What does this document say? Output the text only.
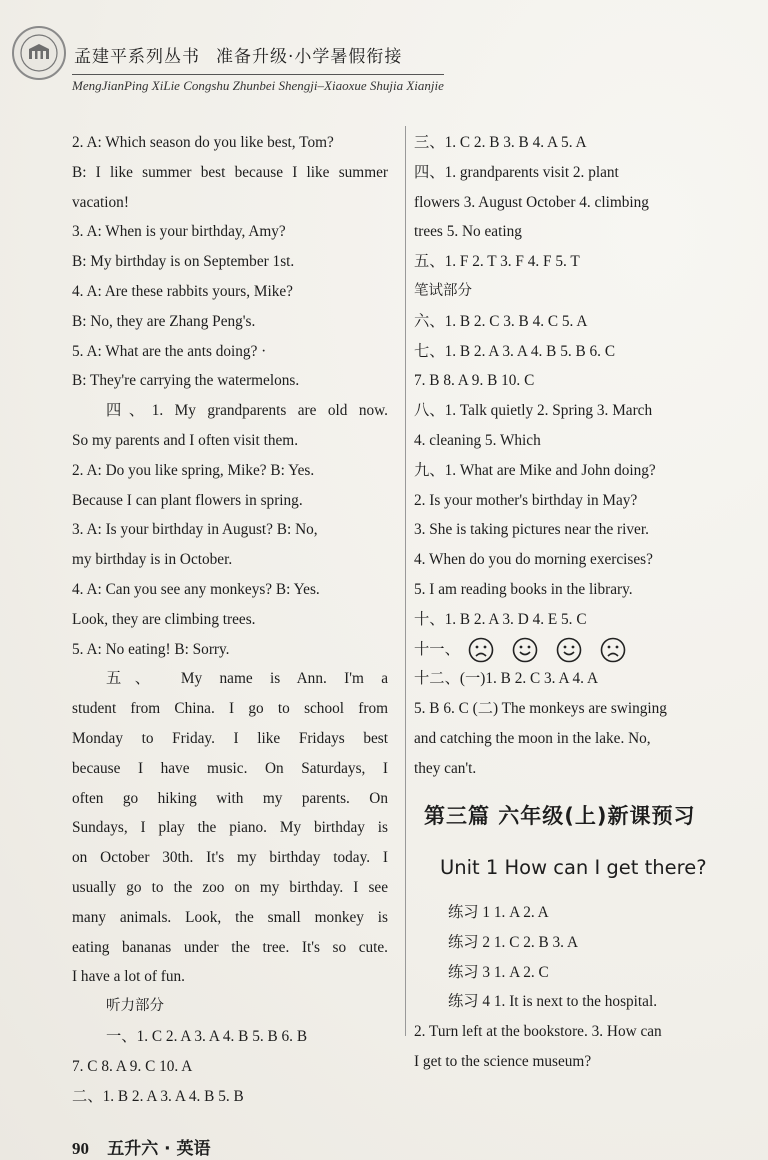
孟建平系列丛书 准备升级·小学暑假衔接
MengJianPing XiLie Congshu Zhunbei Shengji–Xiaoxue Shujia Xianjie
2. A: Which season do you like best, Tom?
B: I like summer best because I like summer
vacation!
3. A: When is your birthday, Amy?
B: My birthday is on September 1st.
4. A: Are these rabbits yours, Mike?
B: No, they are Zhang Peng's.
5. A: What are the ants doing? ·
B: They're carrying the watermelons.
四、1. My grandparents are old now.
So my parents and I often visit them.
2. A: Do you like spring, Mike? B: Yes.
Because I can plant flowers in spring.
3. A: Is your birthday in August? B: No,
my birthday is in October.
4. A: Can you see any monkeys? B: Yes.
Look, they are climbing trees.
5. A: No eating! B: Sorry.
五、 My name is Ann. I'm a
student from China. I go to school from
Monday to Friday. I like Fridays best
because I have music. On Saturdays, I
often go hiking with my parents. On
Sundays, I play the piano. My birthday is
on October 30th. It's my birthday today. I
usually go to the zoo on my birthday. I see
many animals. Look, the small monkey is
eating bananas under the tree. It's so cute.
I have a lot of fun.
听力部分
一、1. C 2. A 3. A 4. B 5. B 6. B
7. C 8. A 9. C 10. A
二、1. B 2. A 3. A 4. B 5. B
三、1. C 2. B 3. B 4. A 5. A
四、1. grandparents visit 2. plant
flowers 3. August October 4. climbing
trees 5. No eating
五、1. F 2. T 3. F 4. F 5. T
笔试部分
六、1. B 2. C 3. B 4. C 5. A
七、1. B 2. A 3. A 4. B 5. B 6. C
7. B 8. A 9. B 10. C
八、1. Talk quietly 2. Spring 3. March
4. cleaning 5. Which
九、1. What are Mike and John doing?
2. Is your mother's birthday in May?
3. She is taking pictures near the river.
4. When do you do morning exercises?
5. I am reading books in the library.
十、1. B 2. A 3. D 4. E 5. C
十一、
十二、(一)1. B 2. C 3. A 4. A
5. B 6. C (二) The monkeys are swinging
and catching the moon in the lake. No,
they can't.
第三篇 六年级(上)新课预习
Unit 1 How can I get there?
练习 1 1. A 2. A
练习 2 1. C 2. B 3. A
练习 3 1. A 2. C
练习 4 1. It is next to the hospital.
2. Turn left at the bookstore. 3. How can
I get to the science museum?
90 五升六 · 英语
